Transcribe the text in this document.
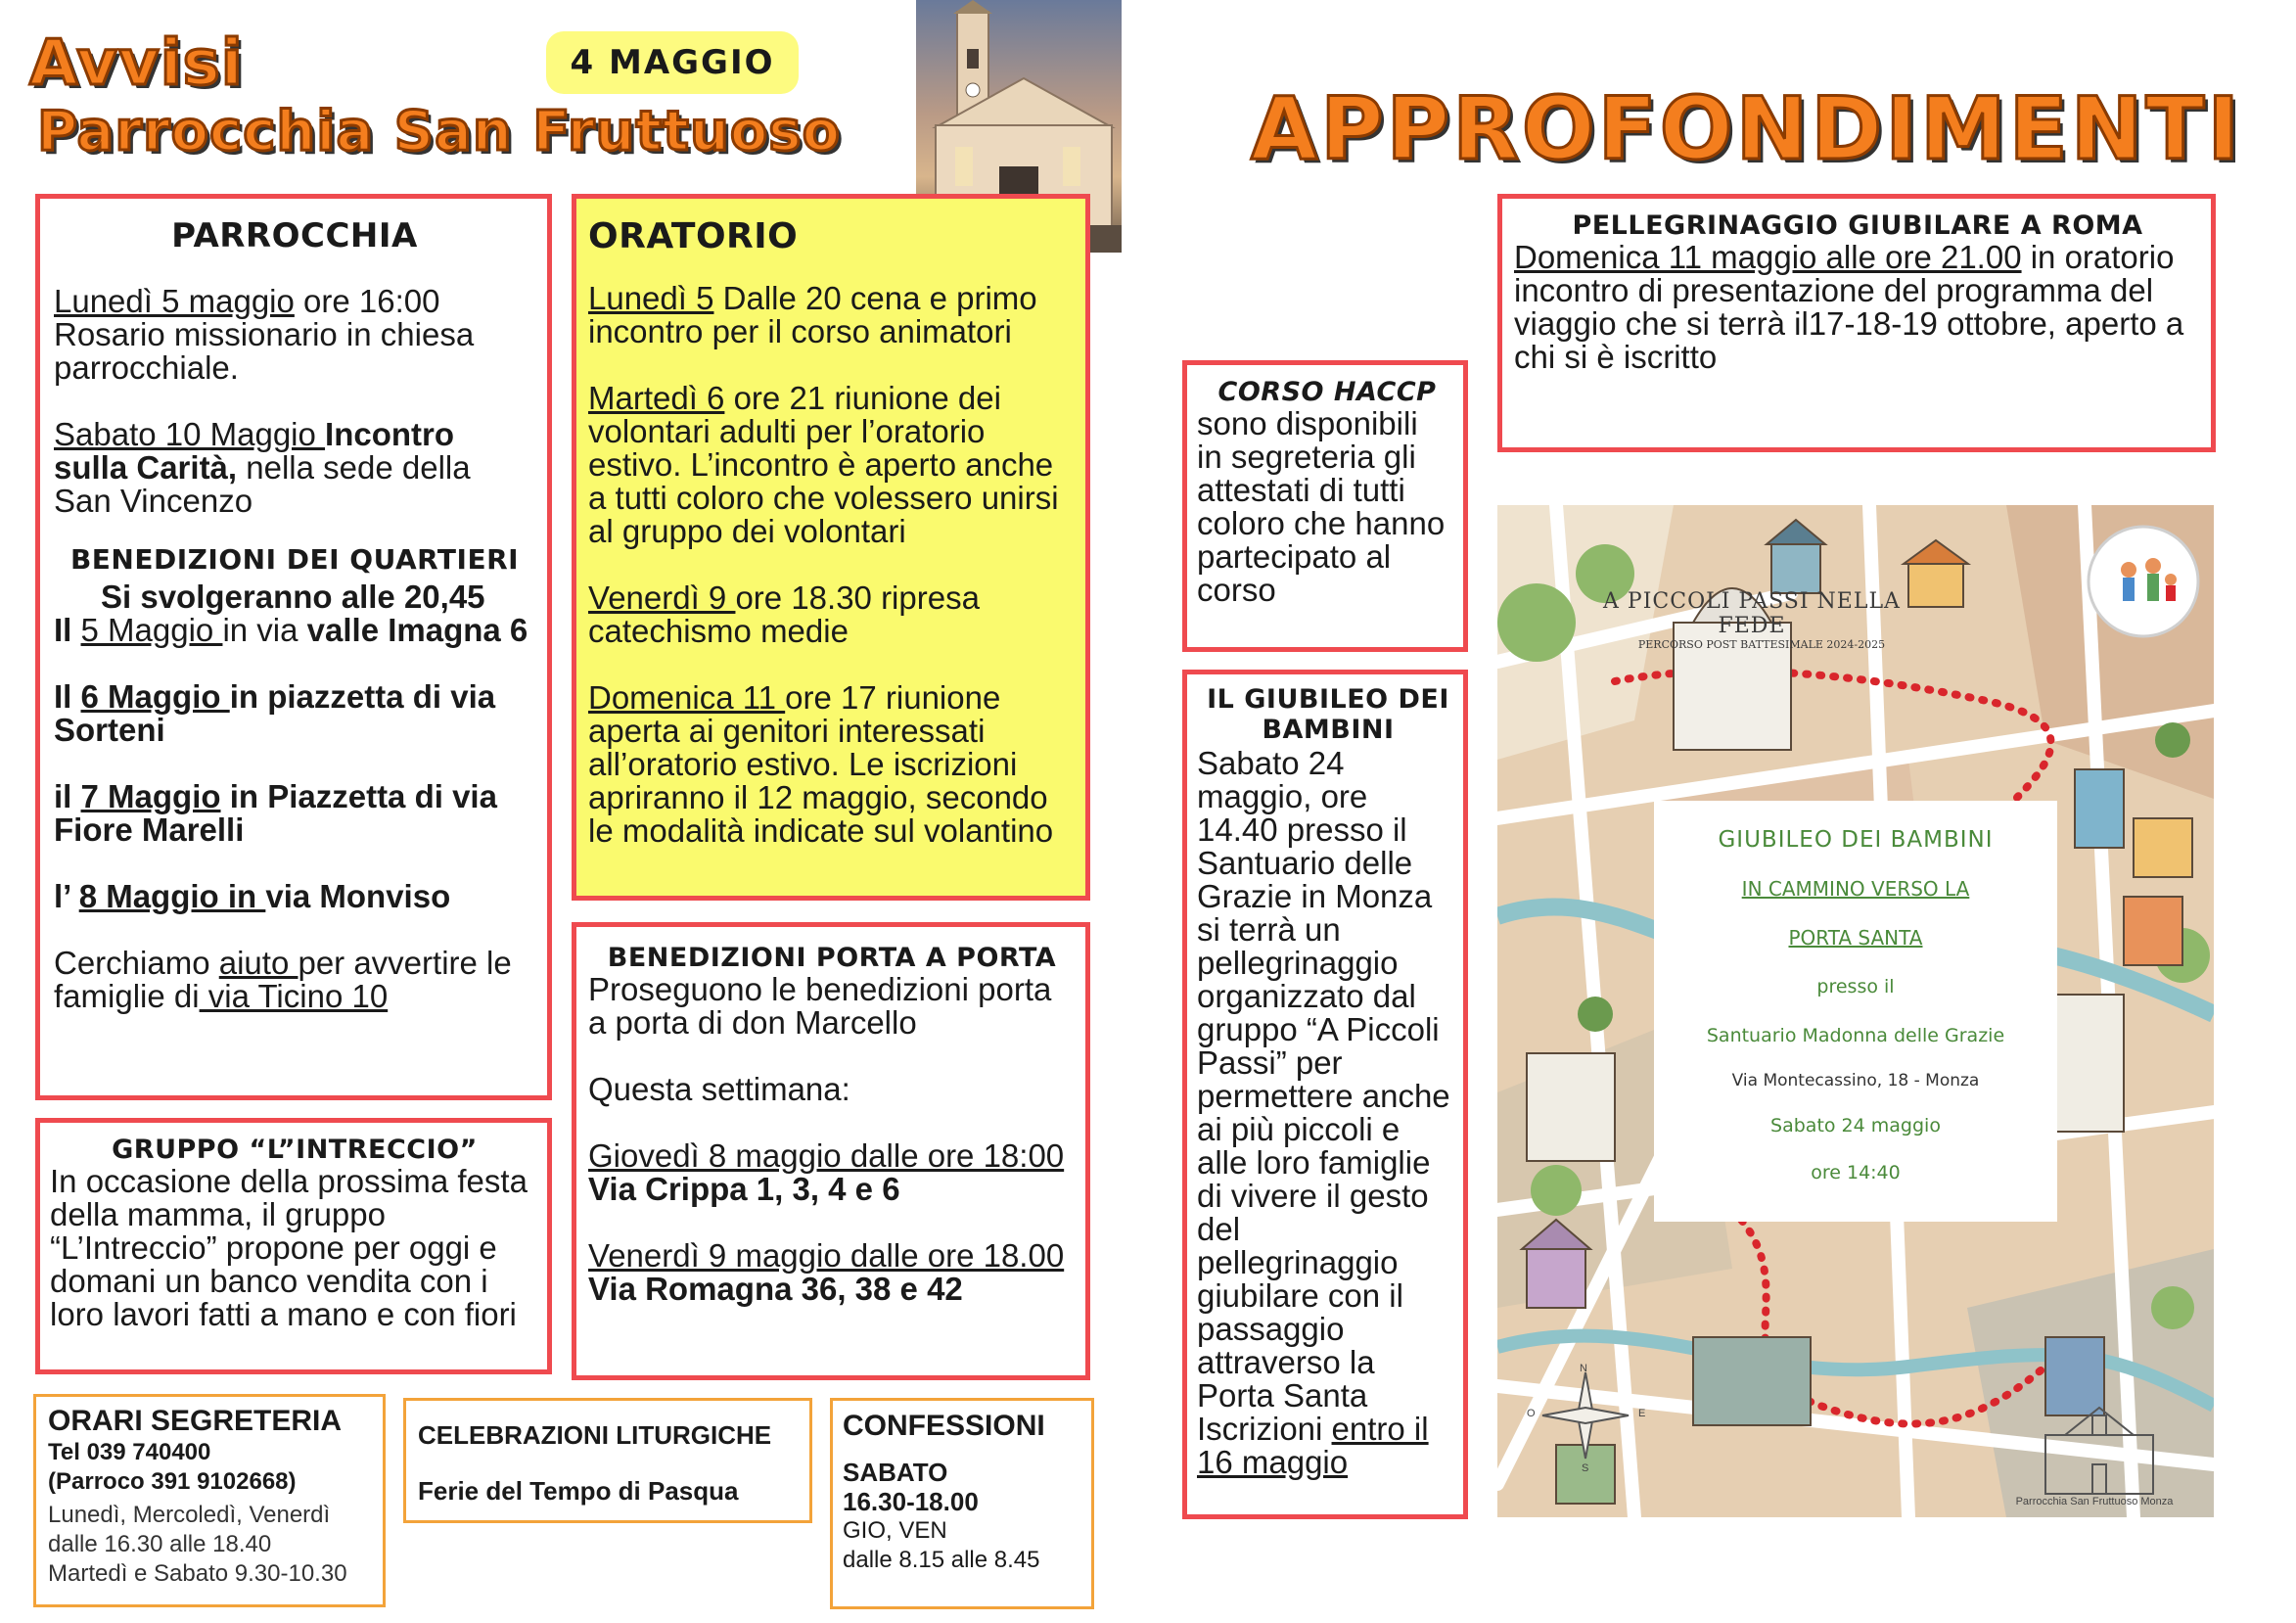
Avvisi
Parrocchia San Fruttuoso
4 MAGGIO
APPROFONDIMENTI
PARROCCHIA

Lunedì 5 maggio ore 16:00

Rosario missionario in chiesa

parrocchiale.

Sabato 10 Maggio Incontro

sulla Carità, nella sede della

San Vincenzo

BENEDIZIONI DEI QUARTIERI

Si svolgeranno alle 20,45

Il 5 Maggio in via valle Imagna 6

Il 6 Maggio in piazzetta di via

Sorteni

il 7 Maggio in Piazzetta di via

Fiore Marelli

l’ 8 Maggio in via Monviso

Cerchiamo aiuto per avvertire le

famiglie di via Ticino 10

ORATORIO

Lunedì 5 Dalle 20 cena e primo

incontro per il corso animatori

Martedì 6 ore 21 riunione dei

volontari adulti per l’oratorio

estivo. L’incontro è aperto anche

a tutti coloro che volessero unirsi

al gruppo dei volontari

Venerdì 9 ore 18.30 ripresa

catechismo medie

Domenica 11 ore 17 riunione

aperta ai genitori interessati

all’oratorio estivo. Le iscrizioni

apriranno il 12 maggio, secondo

le modalità indicate sul volantino

BENEDIZIONI PORTA A PORTA

Proseguono le benedizioni porta

a porta di don Marcello

Questa settimana:

Giovedì 8 maggio dalle ore 18:00

Via Crippa 1, 3, 4 e 6

Venerdì 9 maggio dalle ore 18.00

Via Romagna 36, 38 e 42

GRUPPO “L”INTRECCIO”

In occasione della prossima festa

della mamma, il gruppo

“L’Intreccio” propone per oggi e

domani un banco vendita con i

loro lavori fatti a mano e con fiori

ORARI SEGRETERIA
Tel 039 740400
(Parroco 391 9102668)
Lunedì, Mercoledì, Venerdì
dalle 16.30 alle 18.40
Martedì e Sabato 9.30-10.30
CELEBRAZIONI LITURGICHE
Ferie del Tempo di Pasqua
CONFESSIONI
SABATO
16.30-18.00
GIO, VEN
dalle 8.15 alle 8.45
CORSO HACCP

sono disponibili

in segreteria gli

attestati di tutti

coloro che hanno

partecipato al

corso

IL GIUBILEO DEI
BAMBINI

Sabato 24

maggio, ore

14.40 presso il

Santuario delle

Grazie in Monza

si terrà un

pellegrinaggio

organizzato dal

gruppo “A Piccoli

Passi” per

permettere anche

ai più piccoli e

alle loro famiglie

di vivere il gesto

del

pellegrinaggio

giubilare con il

passaggio

attraverso la

Porta Santa

Iscrizioni entro il

16 maggio

PELLEGRINAGGIO GIUBILARE A ROMA

Domenica 11 maggio alle ore 21.00 in oratorio

incontro di presentazione del programma del

viaggio che si terrà il17-18-19 ottobre, aperto a

chi si è iscritto

A PICCOLI PASSI NELLA FEDE
PERCORSO POST BATTESIMALE 2024-2025
GIUBILEO DEI BAMBINI
IN CAMMINO VERSO LA
PORTA SANTA
presso il
Santuario Madonna delle Grazie
Via Montecassino, 18 - Monza
Sabato 24 maggio
ore 14:40
N
S
O	E
Parrocchia San Fruttuoso Monza
